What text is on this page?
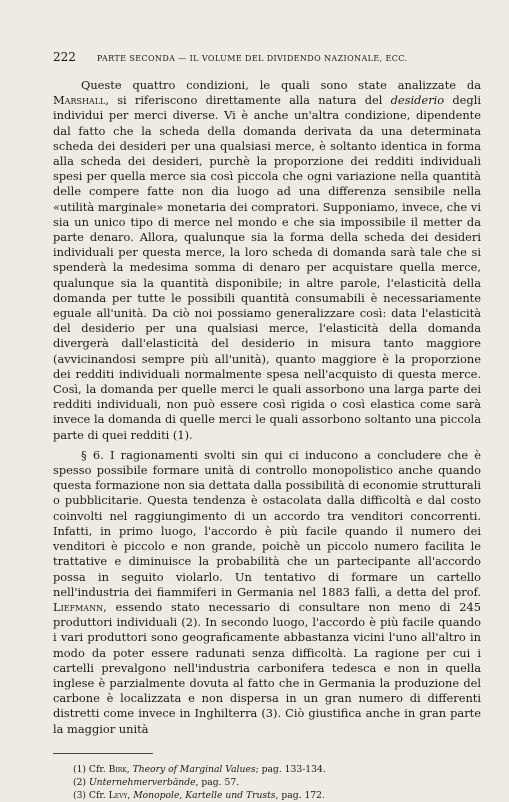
222	PARTE SECONDA — IL VOLUME DEL DIVIDENDO NAZIONALE, ECC.

Queste quattro condizioni, le quali sono state analizzate da Marshall, si riferiscono direttamente alla natura del desiderio degli individui per merci diverse. Vi è anche un'altra condizione, dipendente dal fatto che la scheda della domanda derivata da una determinata scheda dei desideri per una qualsiasi merce, è soltanto identica in forma alla scheda dei desideri, purchè la proporzione dei redditi individuali spesi per quella merce sia così piccola che ogni variazione nella quantità delle compere fatte non dia luogo ad una differenza sensibile nella «utilità marginale» monetaria dei compratori. Supponiamo, invece, che vi sia un unico tipo di merce nel mondo e che sia impossibile il metter da parte denaro. Allora, qualunque sia la forma della scheda dei desideri individuali per questa merce, la loro scheda di domanda sarà tale che si spenderà la medesima somma di denaro per acquistare quella merce, qualunque sia la quantità disponibile; in altre parole, l'elasticità della domanda per tutte le possibili quantità consumabili è necessariamente eguale all'unità. Da ciò noi possiamo generalizzare così: data l'elasticità del desiderio per una qualsiasi merce, l'elasticità della domanda divergerà dall'elasticità del desiderio in misura tanto maggiore (avvicinandosi sempre più all'unità), quanto maggiore è la proporzione dei redditi individuali normalmente spesa nell'acquisto di questa merce. Così, la domanda per quelle merci le quali assorbono una larga parte dei redditi individuali, non può essere così rigida o così elastica come sarà invece la domanda di quelle merci le quali assorbono soltanto una piccola parte di quei redditi (1).

§ 6. I ragionamenti svolti sin qui ci inducono a concludere che è spesso possibile formare unità di controllo monopolistico anche quando questa formazione non sia dettata dalla possibilità di economie strutturali o pubblicitarie. Questa tendenza è ostacolata dalla difficoltà e dal costo coinvolti nel raggiungimento di un accordo tra venditori concorrenti. Infatti, in primo luogo, l'accordo è più facile quando il numero dei venditori è piccolo e non grande, poichè un piccolo numero facilita le trattative e diminuisce la probabilità che un partecipante all'accordo possa in seguito violarlo. Un tentativo di formare un cartello nell'industria dei fiammiferi in Germania nel 1883 fallì, a detta del prof. Liefmann, essendo stato necessario di consultare non meno di 245 produttori individuali (2). In secondo luogo, l'accordo è più facile quando i vari produttori sono geograficamente abbastanza vicini l'uno all'altro in modo da poter essere radunati senza difficoltà. La ragione per cui i cartelli prevalgono nell'industria carbonifera tedesca e non in quella inglese è parzialmente dovuta al fatto che in Germania la produzione del carbone è localizzata e non dispersa in un gran numero di differenti distretti come invece in Inghilterra (3). Ciò giustifica anche in gran parte la maggior unità

(1) Cfr. Birk, Theory of Marginal Values; pag. 133-134.
(2) Unternehmerverbände, pag. 57.
(3) Cfr. Levy, Monopole, Kartelle und Trusts, pag. 172.
